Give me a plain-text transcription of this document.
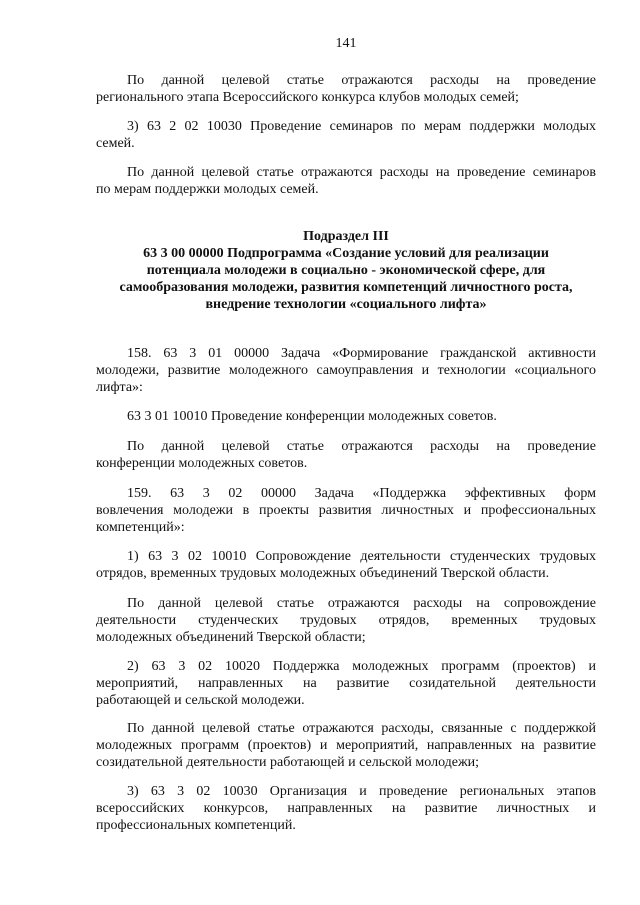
141
По данной целевой статье отражаются расходы на проведение
регионального этапа Всероссийского конкурса клубов молодых семей;
3) 63 2 02 10030 Проведение семинаров по мерам поддержки молодых
семей.
По данной целевой статье отражаются расходы на проведение семинаров
по мерам поддержки молодых семей.
Подраздел III
63 3 00 00000 Подпрограмма «Создание условий для реализации
потенциала молодежи в социально - экономической сфере, для
самообразования молодежи, развития компетенций личностного роста,
внедрение технологии «социального лифта»
158. 63 3 01 00000 Задача «Формирование гражданской активности
молодежи, развитие молодежного самоуправления и технологии «социального
лифта»:
63 3 01 10010 Проведение конференции молодежных советов.
По данной целевой статье отражаются расходы на проведение
конференции молодежных советов.
159. 63 3 02 00000 Задача «Поддержка эффективных форм
вовлечения молодежи в проекты развития личностных и профессиональных
компетенций»:
1) 63 3 02 10010 Сопровождение деятельности студенческих трудовых
отрядов, временных трудовых молодежных объединений Тверской области.
По данной целевой статье отражаются расходы на сопровождение
деятельности студенческих трудовых отрядов, временных трудовых
молодежных объединений Тверской области;
2) 63 3 02 10020 Поддержка молодежных программ (проектов) и
мероприятий, направленных на развитие созидательной деятельности
работающей и сельской молодежи.
По данной целевой статье отражаются расходы, связанные с поддержкой
молодежных программ (проектов) и мероприятий, направленных на развитие
созидательной деятельности работающей и сельской молодежи;
3) 63 3 02 10030 Организация и проведение региональных этапов
всероссийских конкурсов, направленных на развитие личностных и
профессиональных компетенций.
